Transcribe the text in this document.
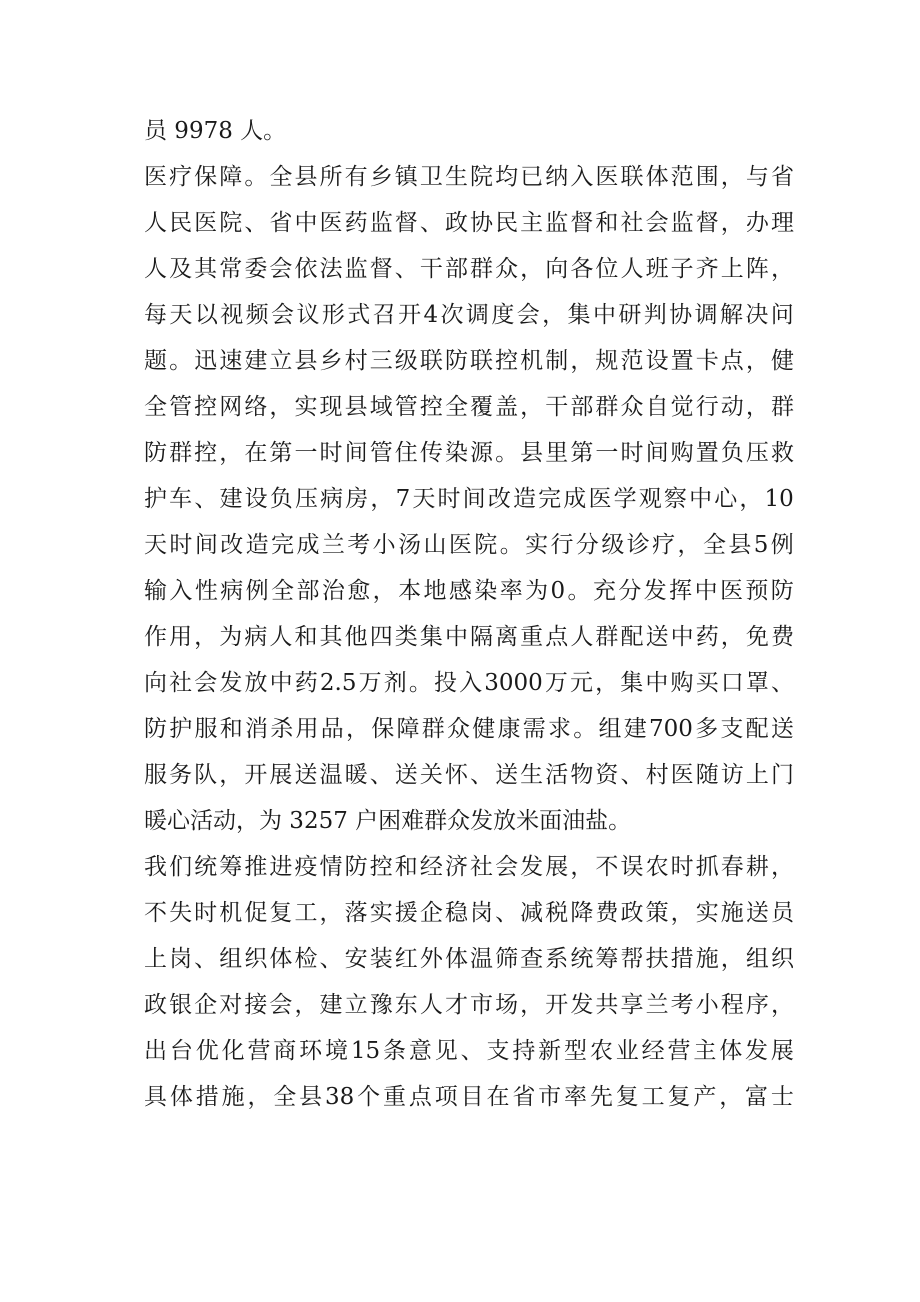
员 9978 人。
医 疗 保 障 。 全 县 所 有 乡 镇 卫 生 院 均 已 纳 入 医 联 体 范 围 ， 与 省
人 民 医 院 、 省 中 医 药 监 督 、 政 协 民 主 监 督 和 社 会 监 督 ， 办 理
人 及 其 常 委 会 依 法 监 督 、 干 部 群 众 ， 向 各 位 人 班 子 齐 上 阵 ，
每 天 以 视 频 会 议 形 式 召 开 4 次 调 度 会 ， 集 中 研 判 协 调 解 决 问
题 。 迅 速 建 立 县 乡 村 三 级 联 防 联 控 机 制 ， 规 范 设 置 卡 点 ， 健
全 管 控 网 络 ， 实 现 县 域 管 控 全 覆 盖 ， 干 部 群 众 自 觉 行 动 ， 群
防 群 控 ， 在 第 一 时 间 管 住 传 染 源 。 县 里 第 一 时 间 购 置 负 压 救
护 车 、 建 设 负 压 病 房 ， 7 天 时 间 改 造 完 成 医 学 观 察 中 心 ， 10
天 时 间 改 造 完 成 兰 考 小 汤 山 医 院 。 实 行 分 级 诊 疗 ， 全 县 5 例
输 入 性 病 例 全 部 治 愈 ， 本 地 感 染 率 为 0 。 充 分 发 挥 中 医 预 防
作 用 ， 为 病 人 和 其 他 四 类 集 中 隔 离 重 点 人 群 配 送 中 药 ， 免 费
向 社 会 发 放 中 药 2.5 万 剂 。 投 入 3000 万 元 ， 集 中 购 买 口 罩 、
防 护 服 和 消 杀 用 品 ， 保 障 群 众 健 康 需 求 。 组 建 700 多 支 配 送
服 务 队 ， 开 展 送 温 暖 、 送 关 怀 、 送 生 活 物 资 、 村 医 随 访 上 门
暖心活动，为 3257 户困难群众发放米面油盐。
我 们 统 筹 推 进 疫 情 防 控 和 经 济 社 会 发 展 ， 不 误 农 时 抓 春 耕 ，
不 失 时 机 促 复 工 ， 落 实 援 企 稳 岗 、 减 税 降 费 政 策 ， 实 施 送 员
上 岗 、 组 织 体 检 、 安 装 红 外 体 温 筛 查 系 统 筹 帮 扶 措 施 ， 组 织
政 银 企 对 接 会 ， 建 立 豫 东 人 才 市 场 ， 开 发 共 享 兰 考 小 程 序 ，
出 台 优 化 营 商 环 境 15 条 意 见 、 支 持 新 型 农 业 经 营 主 体 发 展
具 体 措 施 ， 全 县 38 个 重 点 项 目 在 省 市 率 先 复 工 复 产 ， 富 士
